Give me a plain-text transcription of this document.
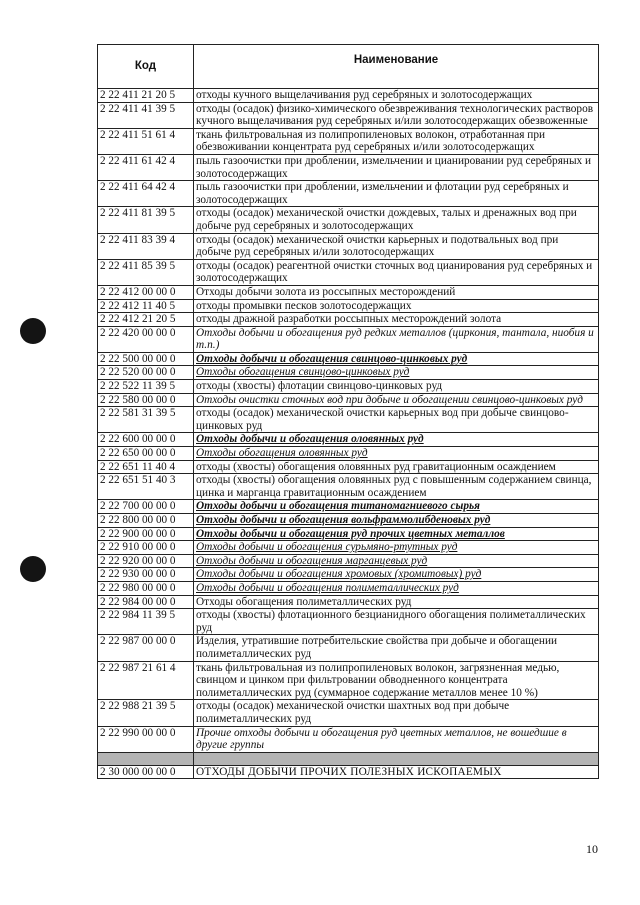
Код	Наименование
2 22 411 21 20 5	отходы кучного выщелачивания руд серебряных и золотосодержащих
2 22 411 41 39 5	отходы (осадок) физико-химического обезвреживания технологических растворов кучного выщелачивания руд серебряных и/или золотосодержащих обезвоженные
2 22 411 51 61 4	ткань фильтровальная из полипропиленовых волокон, отработанная при обезвоживании концентрата руд серебряных и/или золотосодержащих
2 22 411 61 42 4	пыль газоочистки при дроблении, измельчении и цианировании руд серебряных и золотосодержащих
2 22 411 64 42 4	пыль газоочистки при дроблении, измельчении и флотации руд серебряных и золотосодержащих
2 22 411 81 39 5	отходы (осадок) механической очистки дождевых, талых и дренажных вод при добыче руд серебряных и золотосодержащих
2 22 411 83 39 4	отходы (осадок) механической очистки карьерных и подотвальных вод при добыче руд серебряных и/или золотосодержащих
2 22 411 85 39 5	отходы (осадок) реагентной очистки сточных вод цианирования руд серебряных и золотосодержащих
2 22 412 00 00 0	Отходы добычи золота из россыпных месторождений
2 22 412 11 40 5	отходы промывки песков золотосодержащих
2 22 412 21 20 5	отходы дражной разработки россыпных месторождений золота
2 22 420 00 00 0	Отходы добычи и обогащения руд редких металлов (циркония, тантала, ниобия и т.п.)
2 22 500 00 00 0	Отходы добычи и обогащения свинцово-цинковых руд
2 22 520 00 00 0	Отходы обогащения свинцово-цинковых руд
2 22 522 11 39 5	отходы (хвосты) флотации свинцово-цинковых руд
2 22 580 00 00 0	Отходы очистки сточных вод при добыче и обогащении свинцово-цинковых руд
2 22 581 31 39 5	отходы (осадок) механической очистки карьерных вод при добыче свинцово-цинковых руд
2 22 600 00 00 0	Отходы добычи и обогащения оловянных руд
2 22 650 00 00 0	Отходы обогащения оловянных руд
2 22 651 11 40 4	отходы (хвосты) обогащения оловянных руд гравитационным осаждением
2 22 651 51 40 3	отходы (хвосты) обогащения оловянных руд с повышенным содержанием свинца, цинка и марганца гравитационным осаждением
2 22 700 00 00 0	Отходы добычи и обогащения титаномагниевого сырья
2 22 800 00 00 0	Отходы добычи и обогащения вольфраммолибденовых руд
2 22 900 00 00 0	Отходы добычи и обогащения руд прочих цветных металлов
2 22 910 00 00 0	Отходы добычи и обогащения сурьмяно-ртутных руд
2 22 920 00 00 0	Отходы добычи и обогащения марганцевых руд
2 22 930 00 00 0	Отходы добычи и обогащения хромовых (хромитовых) руд
2 22 980 00 00 0	Отходы добычи и обогащения полиметаллических руд
2 22 984 00 00 0	Отходы обогащения полиметаллических руд
2 22 984 11 39 5	отходы (хвосты) флотационного безцианидного обогащения полиметаллических руд
2 22 987 00 00 0	Изделия, утратившие потребительские свойства при добыче и обогащении полиметаллических руд
2 22 987 21 61 4	ткань фильтровальная из полипропиленовых волокон, загрязненная медью, свинцом и цинком при фильтровании обводненного концентрата полиметаллических руд (суммарное содержание металлов менее 10 %)
2 22 988 21 39 5	отходы (осадок) механической очистки шахтных вод при добыче полиметаллических руд
2 22 990 00 00 0	Прочие отходы добычи и обогащения руд цветных металлов, не вошедшие в другие группы

2 30 000 00 00 0	ОТХОДЫ ДОБЫЧИ ПРОЧИХ ПОЛЕЗНЫХ ИСКОПАЕМЫХ
10
